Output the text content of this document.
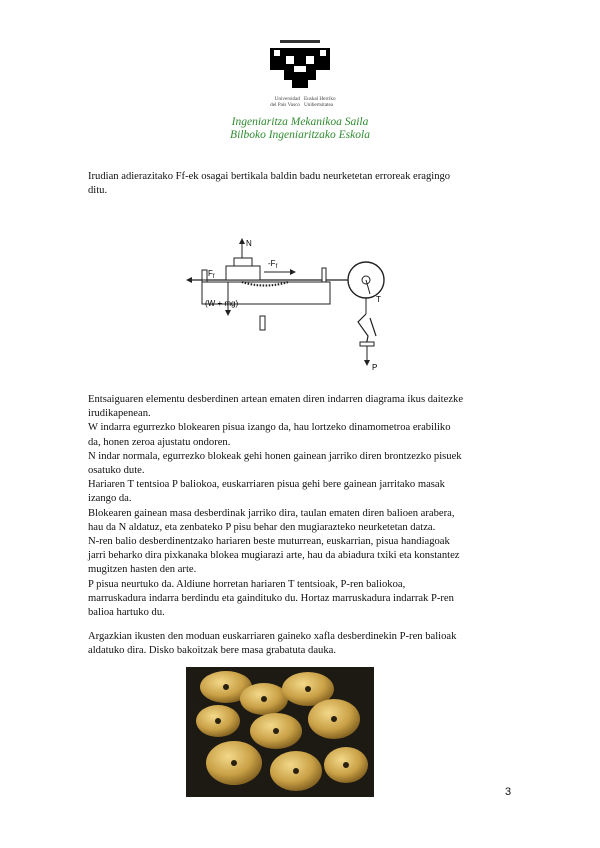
Universidad
del País Vasco
Euskal Herriko
Unibertsitatea
Ingeniaritza Mekanikoa Saila
Bilboko Ingeniaritzako Eskola
Irudian adierazitako Ff-ek osagai bertikala baldin badu neurketetan erroreak eragingo
ditu.
N
$F_f$
$-F_f$
(W + mg)	T
P
Entsaiguaren elementu desberdinen artean ematen diren indarren diagrama ikus daitezke
irudikapenean.
W indarra egurrezko blokearen pisua izango da, hau lortzeko dinamometroa erabiliko
da, honen zeroa ajustatu ondoren.
N indar normala, egurrezko blokeak gehi honen gainean jarriko diren brontzezko pisuek
osatuko dute.
Hariaren T tentsioa P baliokoa, euskarriaren pisua gehi bere gainean jarritako masak
izango da.
Blokearen gainean masa desberdinak jarriko dira, taulan ematen diren balioen arabera,
hau da N aldatuz, eta zenbateko P pisu behar den mugiarazteko neurketetan datza.
N-ren balio desberdinentzako hariaren beste muturrean, euskarrian, pisua handiagoak
jarri beharko dira pixkanaka blokea mugiarazi arte, hau da abiadura txiki eta konstantez
mugitzen hasten den arte.
P pisua neurtuko da. Aldiune horretan hariaren T tentsioak, P-ren baliokoa,
marruskadura indarra berdindu eta gaindituko du. Hortaz marruskadura indarrak P-ren
balioa hartuko du.
Argazkian ikusten den moduan euskarriaren gaineko xafla desberdinekin P-ren balioak
aldatuko dira. Disko bakoitzak bere masa grabatuta dauka.
3
